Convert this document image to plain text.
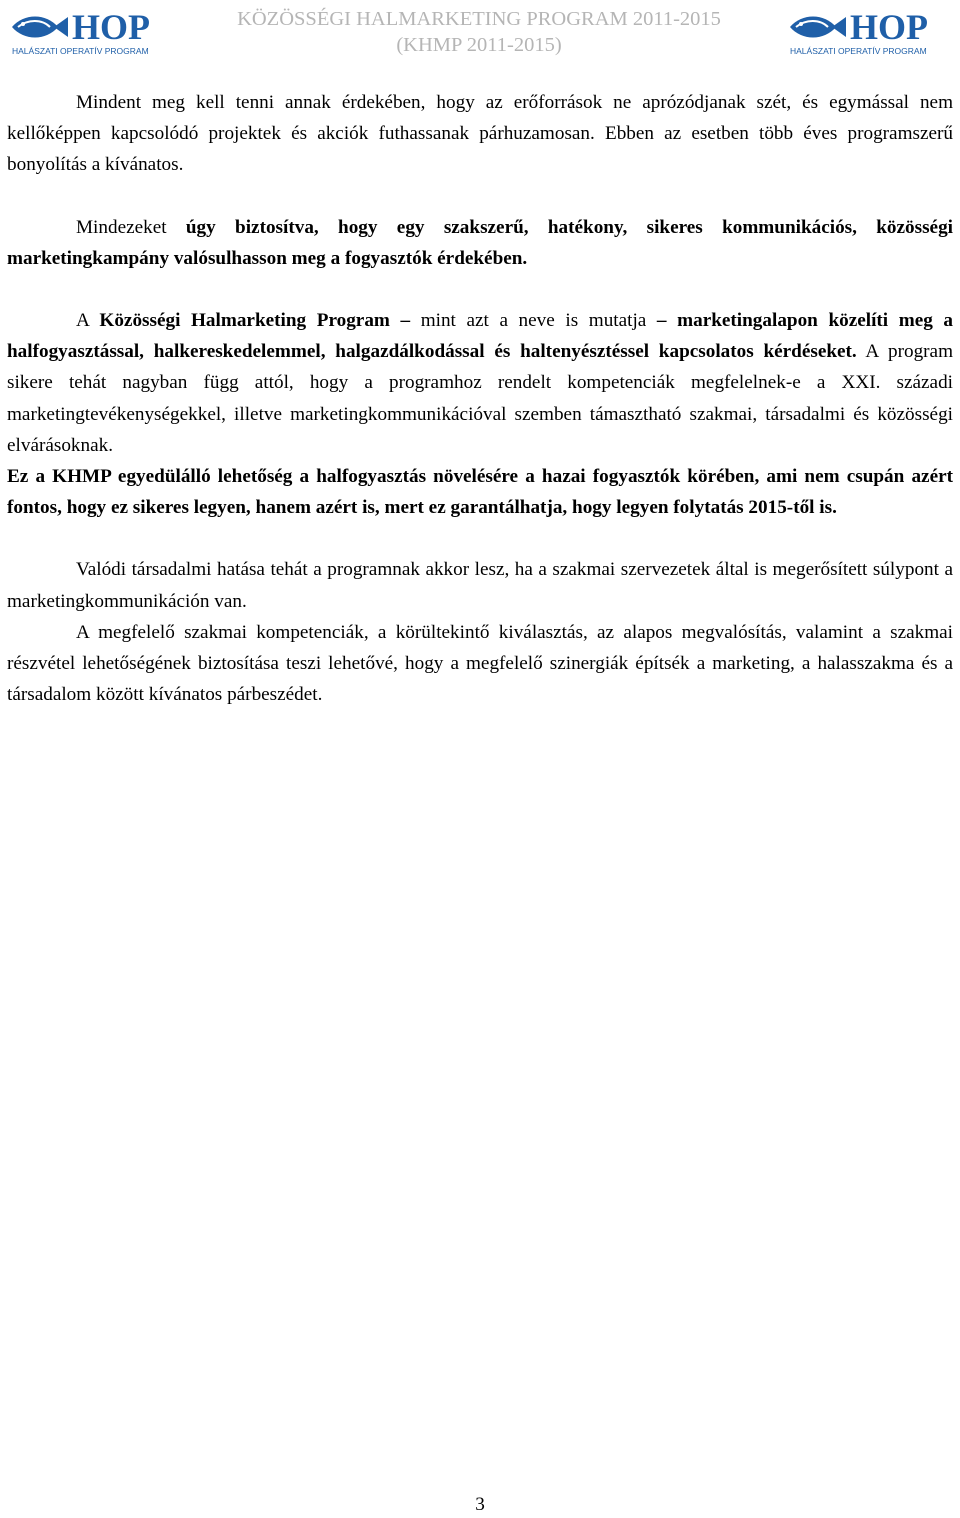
HOP
HALÁSZATI OPERATÍV PROGRAM
KÖZÖSSÉGI HALMARKETING PROGRAM 2011-2015
(KHMP 2011-2015)	HOP
HALÁSZATI OPERATÍV PROGRAM

Mindent meg kell tenni annak érdekében, hogy az erőforrások ne aprózódjanak szét, és egymással nem kellőképpen kapcsolódó projektek és akciók futhassanak párhuzamosan. Ebben az esetben több éves programszerű bonyolítás a kívánatos.

Mindezeket úgy biztosítva, hogy egy szakszerű, hatékony, sikeres kommunikációs, közösségi marketingkampány valósulhasson meg a fogyasztók érdekében.

A Közösségi Halmarketing Program – mint azt a neve is mutatja – marketingalapon közelíti meg a halfogyasztással, halkereskedelemmel, halgazdálkodással és haltenyésztéssel kapcsolatos kérdéseket. A program sikere tehát nagyban függ attól, hogy a programhoz rendelt kompetenciák megfelelnek-e a XXI. századi marketingtevékenységekkel, illetve marketingkommunikációval szemben támasztható szakmai, társadalmi és közösségi elvárásoknak.

Ez a KHMP egyedülálló lehetőség a halfogyasztás növelésére a hazai fogyasztók körében, ami nem csupán azért fontos, hogy ez sikeres legyen, hanem azért is, mert ez garantálhatja, hogy legyen folytatás 2015-től is.

Valódi társadalmi hatása tehát a programnak akkor lesz, ha a szakmai szervezetek által is megerősített súlypont a marketingkommunikáción van.

A megfelelő szakmai kompetenciák, a körültekintő kiválasztás, az alapos megvalósítás, valamint a szakmai részvétel lehetőségének biztosítása teszi lehetővé, hogy a megfelelő szinergiák építsék a marketing, a halasszakma és a társadalom között kívánatos párbeszédet.

3
